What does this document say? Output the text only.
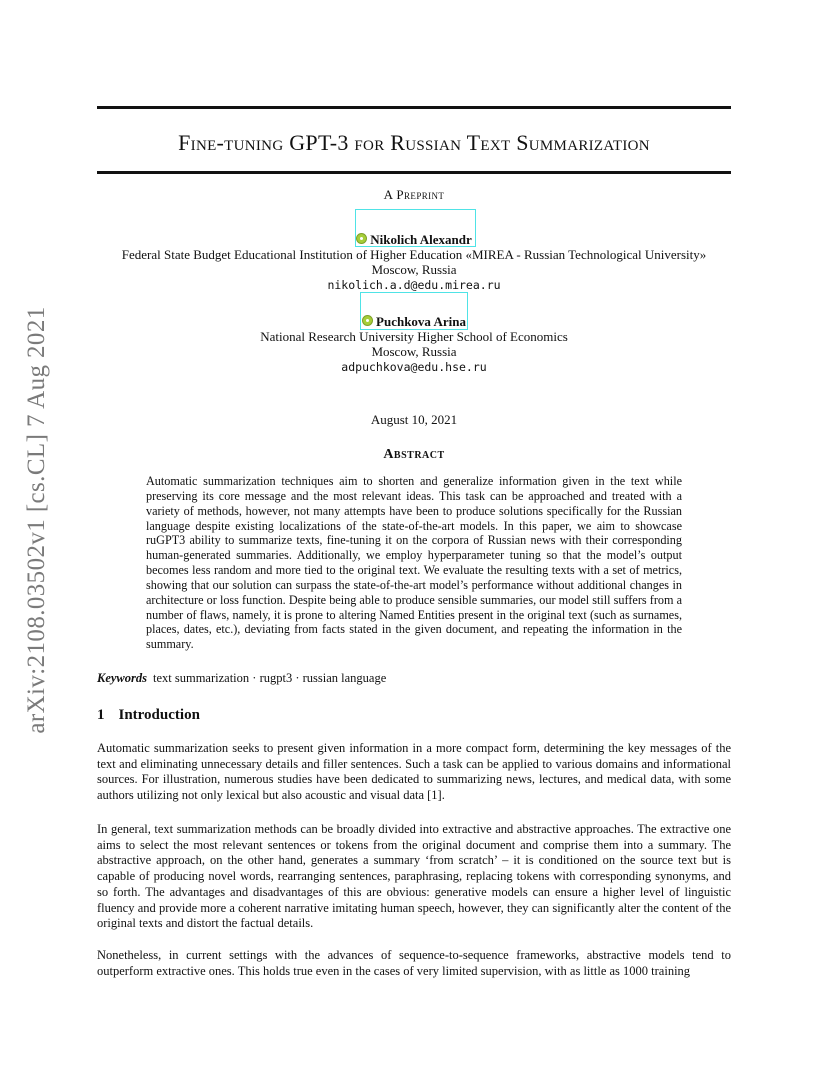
arXiv:2108.03502v1 [cs.CL] 7 Aug 2021
Fine-tuning GPT-3 for Russian Text Summarization
A Preprint
Nikolich Alexandr
Federal State Budget Educational Institution of Higher Education «MIREA - Russian Technological University»
Moscow, Russia
nikolich.a.d@edu.mirea.ru
Puchkova Arina
National Research University Higher School of Economics
Moscow, Russia
adpuchkova@edu.hse.ru
August 10, 2021
Abstract
Automatic summarization techniques aim to shorten and generalize information given in the text while preserving its core message and the most relevant ideas. This task can be approached and treated with a variety of methods, however, not many attempts have been to produce solutions specifically for the Russian language despite existing localizations of the state-of-the-art models. In this paper, we aim to showcase ruGPT3 ability to summarize texts, fine-tuning it on the corpora of Russian news with their corresponding human-generated summaries. Additionally, we employ hyperparameter tuning so that the model’s output becomes less random and more tied to the original text. We evaluate the resulting texts with a set of metrics, showing that our solution can surpass the state-of-the-art model’s performance without additional changes in architecture or loss function. Despite being able to produce sensible summaries, our model still suffers from a number of flaws, namely, it is prone to altering Named Entities present in the original text (such as surnames, places, dates, etc.), deviating from facts stated in the given document, and repeating the information in the summary.
Keywords text summarization · rugpt3 · russian language
1 Introduction
Automatic summarization seeks to present given information in a more compact form, determining the key messages of the text and eliminating unnecessary details and filler sentences. Such a task can be applied to various domains and informational sources. For illustration, numerous studies have been dedicated to summarizing news, lectures, and medical data, with some authors utilizing not only lexical but also acoustic and visual data [1].
In general, text summarization methods can be broadly divided into extractive and abstractive approaches. The extractive one aims to select the most relevant sentences or tokens from the original document and comprise them into a summary. The abstractive approach, on the other hand, generates a summary ‘from scratch’ – it is conditioned on the source text but is capable of producing novel words, rearranging sentences, paraphrasing, replacing tokens with corresponding synonyms, and so forth. The advantages and disadvantages of this are obvious: generative models can ensure a higher level of linguistic fluency and provide more a coherent narrative imitating human speech, however, they can significantly alter the content of the original texts and distort the factual details.
Nonetheless, in current settings with the advances of sequence-to-sequence frameworks, abstractive models tend to outperform extractive ones. This holds true even in the cases of very limited supervision, with as little as 1000 training
